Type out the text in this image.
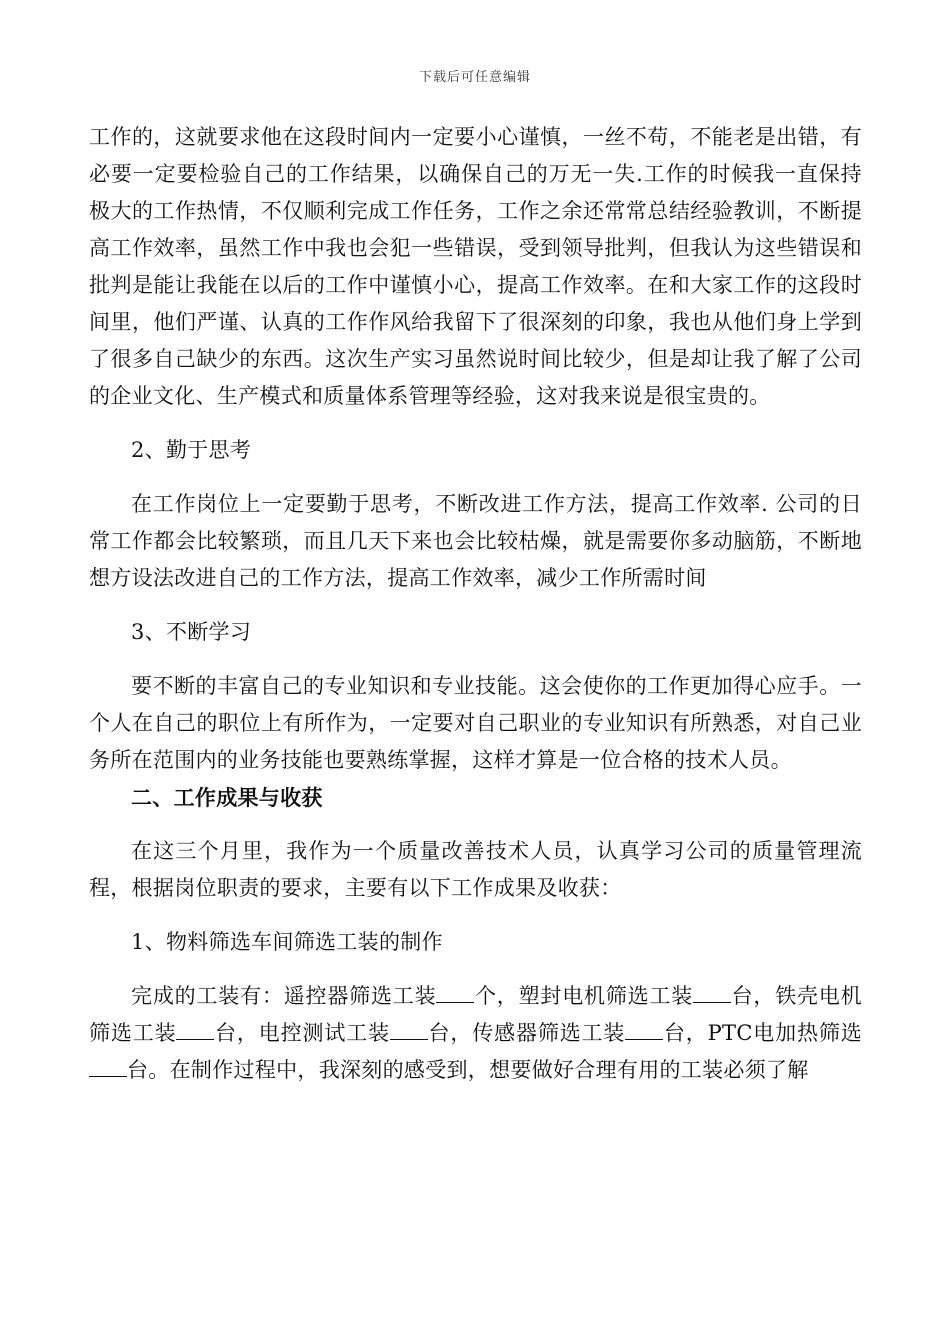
下载后可任意编辑

工作的，这就要求他在这段时间内一定要小心谨慎，一丝不苟，不能老是出错，有必要一定要检验自己的工作结果，以确保自己的万无一失.工作的时候我一直保持极大的工作热情，不仅顺利完成工作任务，工作之余还常常总结经验教训，不断提高工作效率，虽然工作中我也会犯一些错误，受到领导批判，但我认为这些错误和批判是能让我能在以后的工作中谨慎小心，提高工作效率。在和大家工作的这段时间里，他们严谨、认真的工作作风给我留下了很深刻的印象，我也从他们身上学到了很多自己缺少的东西。这次生产实习虽然说时间比较少，但是却让我了解了公司的企业文化、生产模式和质量体系管理等经验，这对我来说是很宝贵的。

2、勤于思考

在工作岗位上一定要勤于思考，不断改进工作方法，提高工作效率. 公司的日常工作都会比较繁琐，而且几天下来也会比较枯燥，就是需要你多动脑筋，不断地想方设法改进自己的工作方法，提高工作效率，减少工作所需时间

3、不断学习

要不断的丰富自己的专业知识和专业技能。这会使你的工作更加得心应手。一个人在自己的职位上有所作为，一定要对自己职业的专业知识有所熟悉，对自己业务所在范围内的业务技能也要熟练掌握，这样才算是一位合格的技术人员。

二、工作成果与收获

在这三个月里，我作为一个质量改善技术人员，认真学习公司的质量管理流程，根据岗位职责的要求，主要有以下工作成果及收获：

1、物料筛选车间筛选工装的制作

完成的工装有：遥控器筛选工装 个，塑封电机筛选工装 台，铁壳电机筛选工装 台，电控测试工装 台，传感器筛选工装 台，PTC电加热筛选台。在制作过程中，我深刻的感受到，想要做好合理有用的工装必须了解
